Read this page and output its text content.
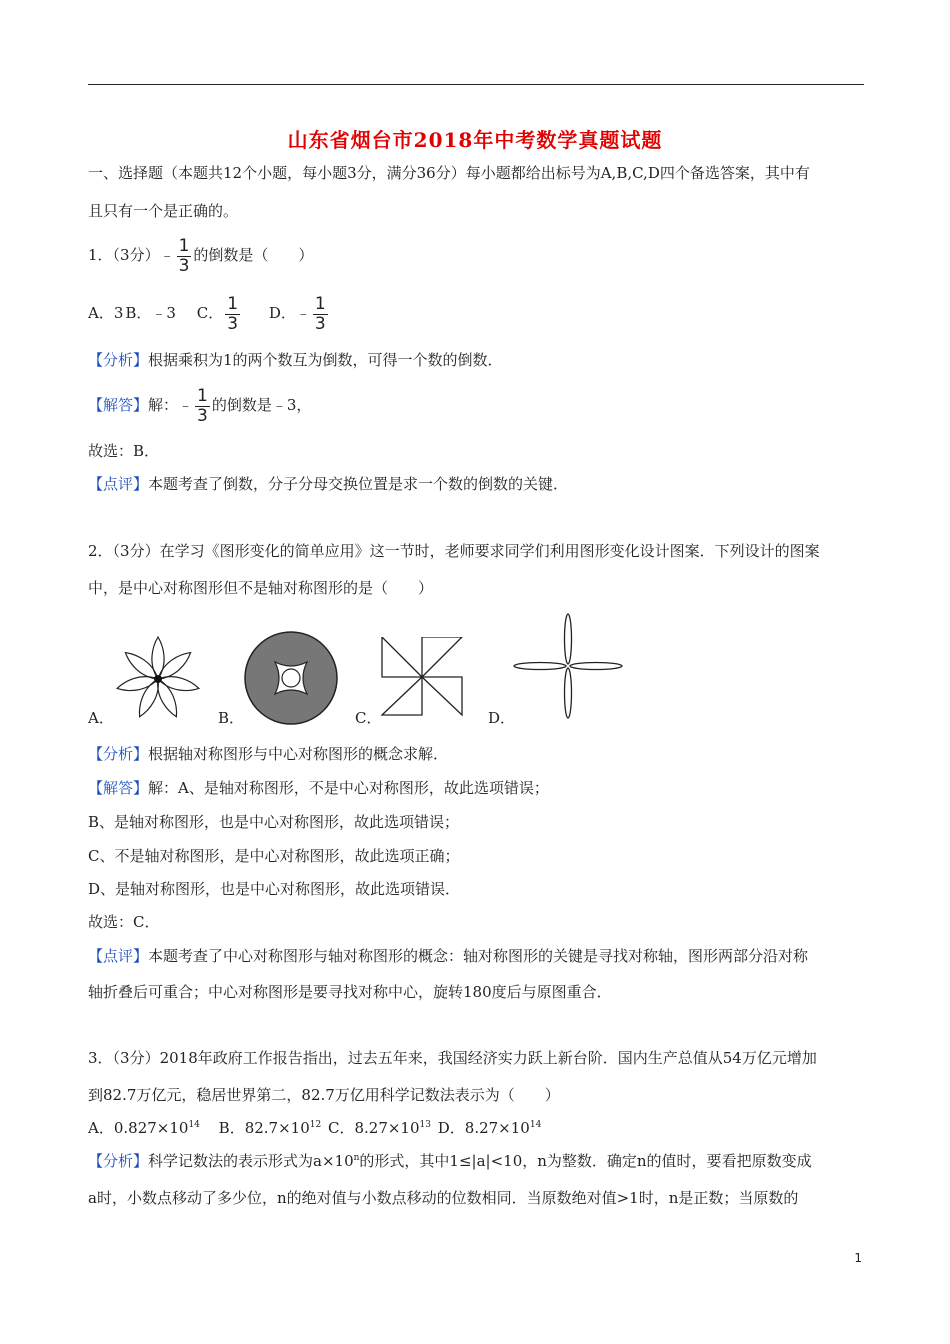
山东省烟台市2018年中考数学真题试题
一、选择题（本题共12个小题，每小题3分，满分36分）每小题都给出标号为A,B,C,D四个备选答案，其中有
且只有一个是正确的。
1．（3分）﹣ $\frac{1}{3}$ 的倒数是（　　）
A．3 B．﹣3 C． $\frac{1}{3}$ D．﹣ $\frac{1}{3}$
【分析】根据乘积为1的两个数互为倒数，可得一个数的倒数．
【解答】解：﹣ $\frac{1}{3}$ 的倒数是﹣3，
故选：B．
【点评】本题考查了倒数，分子分母交换位置是求一个数的倒数的关键．
2．（3分）在学习《图形变化的简单应用》这一节时，老师要求同学们利用图形变化设计图案．下列设计的图案
中，是中心对称图形但不是轴对称图形的是（　　）
A．	B．	C．	D．
【分析】根据轴对称图形与中心对称图形的概念求解．
【解答】解：A、是轴对称图形，不是中心对称图形，故此选项错误；
B、是轴对称图形，也是中心对称图形，故此选项错误；
C、不是轴对称图形，是中心对称图形，故此选项正确；
D、是轴对称图形，也是中心对称图形，故此选项错误．
故选：C．
【点评】本题考查了中心对称图形与轴对称图形的概念：轴对称图形的关键是寻找对称轴，图形两部分沿对称
轴折叠后可重合；中心对称图形是要寻找对称中心，旋转180度后与原图重合．
3．（3分）2018年政府工作报告指出，过去五年来，我国经济实力跃上新台阶．国内生产总值从54万亿元增加
到82.7万亿元，稳居世界第二，82.7万亿用科学记数法表示为（　　）
A．$0.827\times 10^{14}$ B．$82.7\times 10^{12}$ C．$8.27\times 10^{13}$ D．$8.27\times 10^{14}$
【分析】科学记数法的表示形式为$a\times 10^n$的形式，其中1≤|a|<10，n为整数．确定n的值时，要看把原数变成
a时，小数点移动了多少位，n的绝对值与小数点移动的位数相同．当原数绝对值>1时，n是正数；当原数的
1
